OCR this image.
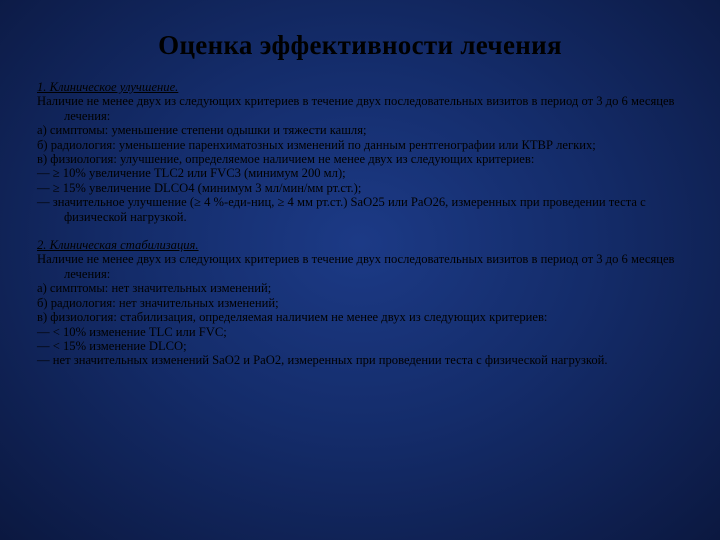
Оценка эффективности лечения

1. Клиническое улучшение.

Наличие не менее двух из следующих критериев в течение двух последовательных визитов в период от 3 до 6 месяцев лечения:

а) симптомы: уменьшение степени одышки и тяжести кашля;

б) радиология: уменьшение паренхиматозных изменений по данным рентгенографии или КТВР легких;

в) физиология: улучшение, определяемое наличием не менее двух из следующих критериев:

— ≥ 10% увеличение TLC2 или FVC3 (минимум 200 мл);

— ≥ 15% увеличение DLCO4 (минимум 3 мл/мин/мм рт.ст.);

— значительное улучшение (≥ 4 %-еди-ниц, ≥ 4 мм рт.ст.) SaO25 или PaO26, измеренных при проведении теста с физической нагрузкой.

2. Клиническая стабилизация.

Наличие не менее двух из следующих критериев в течение двух последовательных визитов в период от 3 до 6 месяцев лечения:

а) симптомы: нет значительных изменений;

б) радиология: нет значительных изменений;

в) физиология: стабилизация, определяемая наличием не менее двух из следующих критериев:

— < 10% изменение TLC или FVC;

— < 15% изменение DLCO;

— нет значительных изменений SaO2 и PaO2, измеренных при проведении теста с физической нагрузкой.
